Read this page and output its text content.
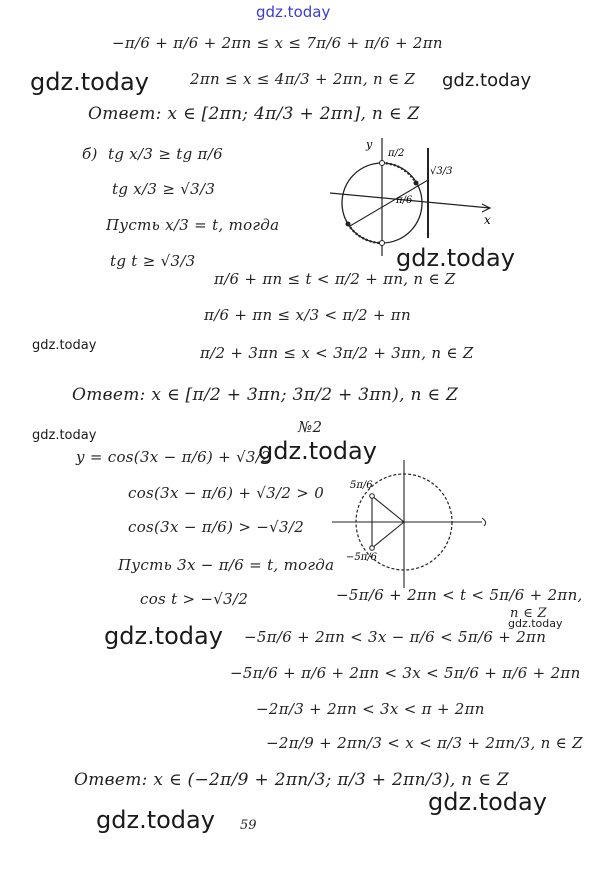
gdz.today
−π/6 + π/6 + 2πn ≤ x ≤ 7π/6 + π/6 + 2πn
gdz.today	2πn ≤ x ≤ 4π/3 + 2πn, n ∈ Z gdz.today
Ответ: x ∈ [2πn; 4π/3 + 2πn], n ∈ Z
б) tg x/3 ≥ tg π/6
tg x/3 ≥ √3/3
Пусть x/3 = t, тогда
tg t ≥ √3/3
y
π/2
x
π/6
√3/3
gdz.today
π/6 + πn ≤ t < π/2 + πn, n ∈ Z
π/6 + πn ≤ x/3 < π/2 + πn
gdz.today	π/2 + 3πn ≤ x < 3π/2 + 3πn, n ∈ Z
Ответ: x ∈ [π/2 + 3πn; 3π/2 + 3πn), n ∈ Z
№2
gdz.today
y = cos(3x − π/6) + √3/2
gdz.today
cos(3x − π/6) + √3/2 > 0
cos(3x − π/6) > −√3/2
5π/6
−5π/6
Пусть 3x − π/6 = t, тогда
cos t > −√3/2	−5π/6 + 2πn < t < 5π/6 + 2πn,
n ∈ Z
gdz.today
gdz.today −5π/6 + 2πn < 3x − π/6 < 5π/6 + 2πn
−5π/6 + π/6 + 2πn < 3x < 5π/6 + π/6 + 2πn
−2π/3 + 2πn < 3x < π + 2πn
−2π/9 + 2πn/3 < x < π/3 + 2πn/3, n ∈ Z
Ответ: x ∈ (−2π/9 + 2πn/3; π/3 + 2πn/3), n ∈ Z
gdz.today
gdz.today 59
